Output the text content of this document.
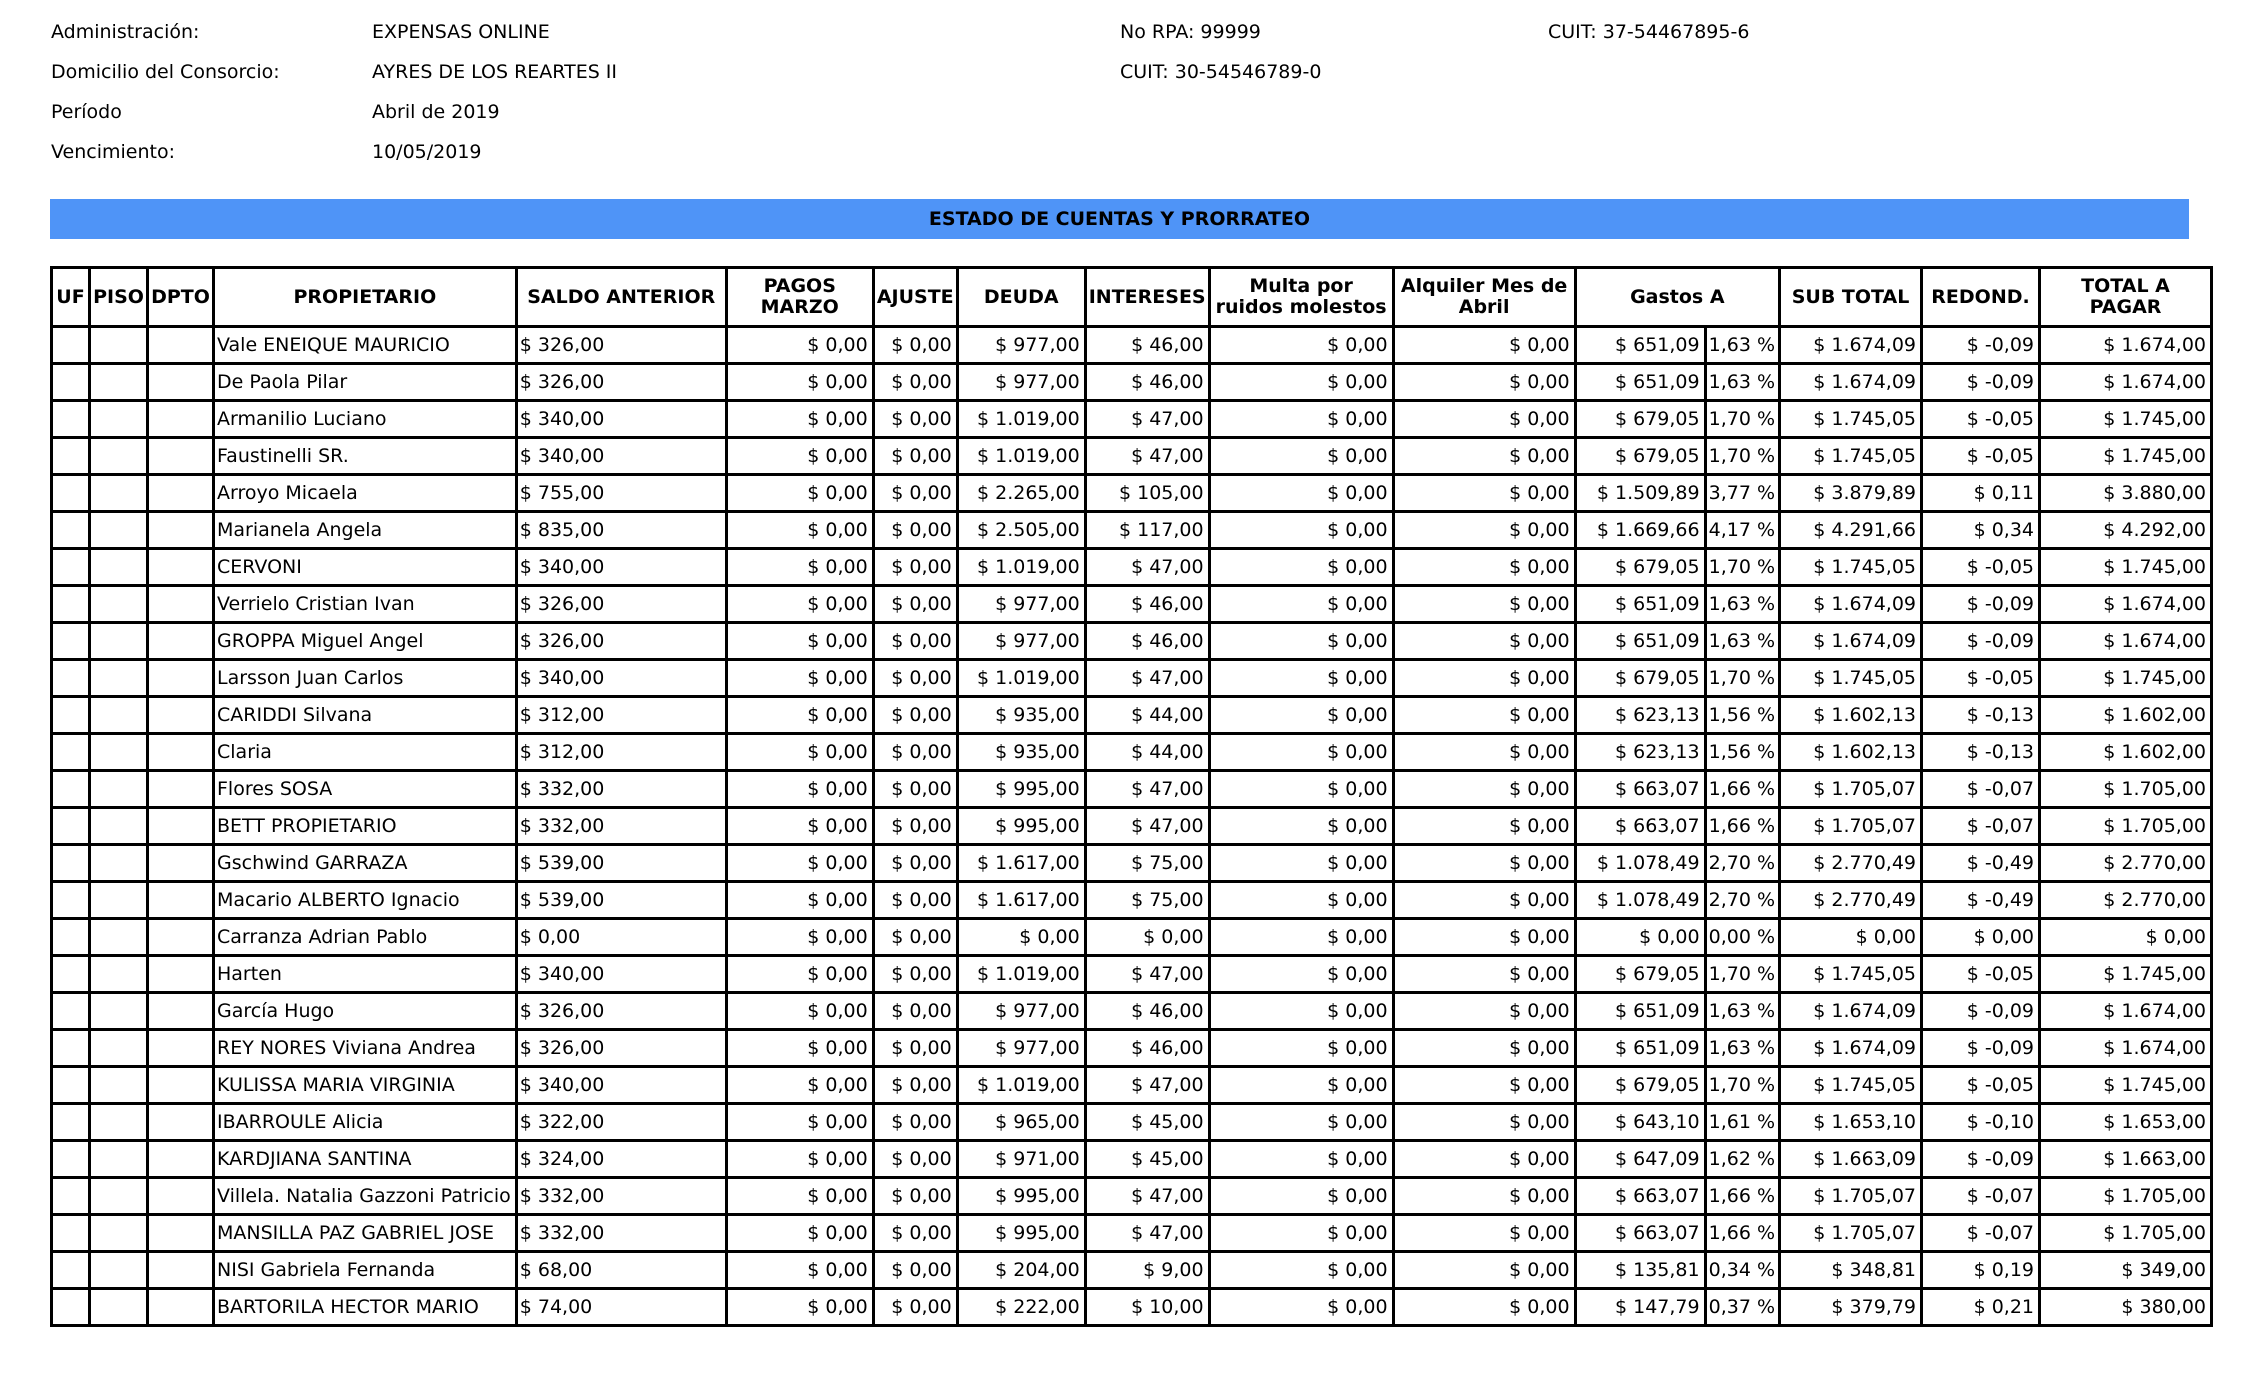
Administración:	EXPENSAS ONLINE
Domicilio del Consorcio:	AYRES DE LOS REARTES II
Período	Abril de 2019
Vencimiento:	10/05/2019
No RPA: 99999
CUIT: 30-54546789-0
CUIT: 37-54467895-6
ESTADO DE CUENTAS Y PRORRATEO
UF	PISO	DPTO	PROPIETARIO	SALDO ANTERIOR	PAGOS MARZO	AJUSTE	DEUDA	INTERESES	Multa por ruidos molestos	Alquiler Mes de Abril	Gastos A		SUB TOTAL	REDOND.	TOTAL A PAGAR
			Vale ENEIQUE MAURICIO	$ 326,00	$ 0,00	$ 0,00	$ 977,00	$ 46,00	$ 0,00	$ 0,00	$ 651,09	1,63 %	$ 1.674,09	$ -0,09	$ 1.674,00
			De Paola Pilar	$ 326,00	$ 0,00	$ 0,00	$ 977,00	$ 46,00	$ 0,00	$ 0,00	$ 651,09	1,63 %	$ 1.674,09	$ -0,09	$ 1.674,00
			Armanilio Luciano	$ 340,00	$ 0,00	$ 0,00	$ 1.019,00	$ 47,00	$ 0,00	$ 0,00	$ 679,05	1,70 %	$ 1.745,05	$ -0,05	$ 1.745,00
			Faustinelli SR.	$ 340,00	$ 0,00	$ 0,00	$ 1.019,00	$ 47,00	$ 0,00	$ 0,00	$ 679,05	1,70 %	$ 1.745,05	$ -0,05	$ 1.745,00
			Arroyo Micaela	$ 755,00	$ 0,00	$ 0,00	$ 2.265,00	$ 105,00	$ 0,00	$ 0,00	$ 1.509,89	3,77 %	$ 3.879,89	$ 0,11	$ 3.880,00
			Marianela Angela	$ 835,00	$ 0,00	$ 0,00	$ 2.505,00	$ 117,00	$ 0,00	$ 0,00	$ 1.669,66	4,17 %	$ 4.291,66	$ 0,34	$ 4.292,00
			CERVONI	$ 340,00	$ 0,00	$ 0,00	$ 1.019,00	$ 47,00	$ 0,00	$ 0,00	$ 679,05	1,70 %	$ 1.745,05	$ -0,05	$ 1.745,00
			Verrielo Cristian Ivan	$ 326,00	$ 0,00	$ 0,00	$ 977,00	$ 46,00	$ 0,00	$ 0,00	$ 651,09	1,63 %	$ 1.674,09	$ -0,09	$ 1.674,00
			GROPPA Miguel Angel	$ 326,00	$ 0,00	$ 0,00	$ 977,00	$ 46,00	$ 0,00	$ 0,00	$ 651,09	1,63 %	$ 1.674,09	$ -0,09	$ 1.674,00
			Larsson Juan Carlos	$ 340,00	$ 0,00	$ 0,00	$ 1.019,00	$ 47,00	$ 0,00	$ 0,00	$ 679,05	1,70 %	$ 1.745,05	$ -0,05	$ 1.745,00
			CARIDDI Silvana	$ 312,00	$ 0,00	$ 0,00	$ 935,00	$ 44,00	$ 0,00	$ 0,00	$ 623,13	1,56 %	$ 1.602,13	$ -0,13	$ 1.602,00
			Claria	$ 312,00	$ 0,00	$ 0,00	$ 935,00	$ 44,00	$ 0,00	$ 0,00	$ 623,13	1,56 %	$ 1.602,13	$ -0,13	$ 1.602,00
			Flores SOSA	$ 332,00	$ 0,00	$ 0,00	$ 995,00	$ 47,00	$ 0,00	$ 0,00	$ 663,07	1,66 %	$ 1.705,07	$ -0,07	$ 1.705,00
			BETT PROPIETARIO	$ 332,00	$ 0,00	$ 0,00	$ 995,00	$ 47,00	$ 0,00	$ 0,00	$ 663,07	1,66 %	$ 1.705,07	$ -0,07	$ 1.705,00
			Gschwind GARRAZA	$ 539,00	$ 0,00	$ 0,00	$ 1.617,00	$ 75,00	$ 0,00	$ 0,00	$ 1.078,49	2,70 %	$ 2.770,49	$ -0,49	$ 2.770,00
			Macario ALBERTO Ignacio	$ 539,00	$ 0,00	$ 0,00	$ 1.617,00	$ 75,00	$ 0,00	$ 0,00	$ 1.078,49	2,70 %	$ 2.770,49	$ -0,49	$ 2.770,00
			Carranza Adrian Pablo	$ 0,00	$ 0,00	$ 0,00	$ 0,00	$ 0,00	$ 0,00	$ 0,00	$ 0,00	0,00 %	$ 0,00	$ 0,00	$ 0,00
			Harten	$ 340,00	$ 0,00	$ 0,00	$ 1.019,00	$ 47,00	$ 0,00	$ 0,00	$ 679,05	1,70 %	$ 1.745,05	$ -0,05	$ 1.745,00
			García Hugo	$ 326,00	$ 0,00	$ 0,00	$ 977,00	$ 46,00	$ 0,00	$ 0,00	$ 651,09	1,63 %	$ 1.674,09	$ -0,09	$ 1.674,00
			REY NORES Viviana Andrea	$ 326,00	$ 0,00	$ 0,00	$ 977,00	$ 46,00	$ 0,00	$ 0,00	$ 651,09	1,63 %	$ 1.674,09	$ -0,09	$ 1.674,00
			KULISSA MARIA VIRGINIA	$ 340,00	$ 0,00	$ 0,00	$ 1.019,00	$ 47,00	$ 0,00	$ 0,00	$ 679,05	1,70 %	$ 1.745,05	$ -0,05	$ 1.745,00
			IBARROULE Alicia	$ 322,00	$ 0,00	$ 0,00	$ 965,00	$ 45,00	$ 0,00	$ 0,00	$ 643,10	1,61 %	$ 1.653,10	$ -0,10	$ 1.653,00
			KARDJIANA SANTINA	$ 324,00	$ 0,00	$ 0,00	$ 971,00	$ 45,00	$ 0,00	$ 0,00	$ 647,09	1,62 %	$ 1.663,09	$ -0,09	$ 1.663,00
			Villela. Natalia Gazzoni Patricio	$ 332,00	$ 0,00	$ 0,00	$ 995,00	$ 47,00	$ 0,00	$ 0,00	$ 663,07	1,66 %	$ 1.705,07	$ -0,07	$ 1.705,00
			MANSILLA PAZ GABRIEL JOSE	$ 332,00	$ 0,00	$ 0,00	$ 995,00	$ 47,00	$ 0,00	$ 0,00	$ 663,07	1,66 %	$ 1.705,07	$ -0,07	$ 1.705,00
			NISI Gabriela Fernanda	$ 68,00	$ 0,00	$ 0,00	$ 204,00	$ 9,00	$ 0,00	$ 0,00	$ 135,81	0,34 %	$ 348,81	$ 0,19	$ 349,00
			BARTORILA HECTOR MARIO	$ 74,00	$ 0,00	$ 0,00	$ 222,00	$ 10,00	$ 0,00	$ 0,00	$ 147,79	0,37 %	$ 379,79	$ 0,21	$ 380,00
